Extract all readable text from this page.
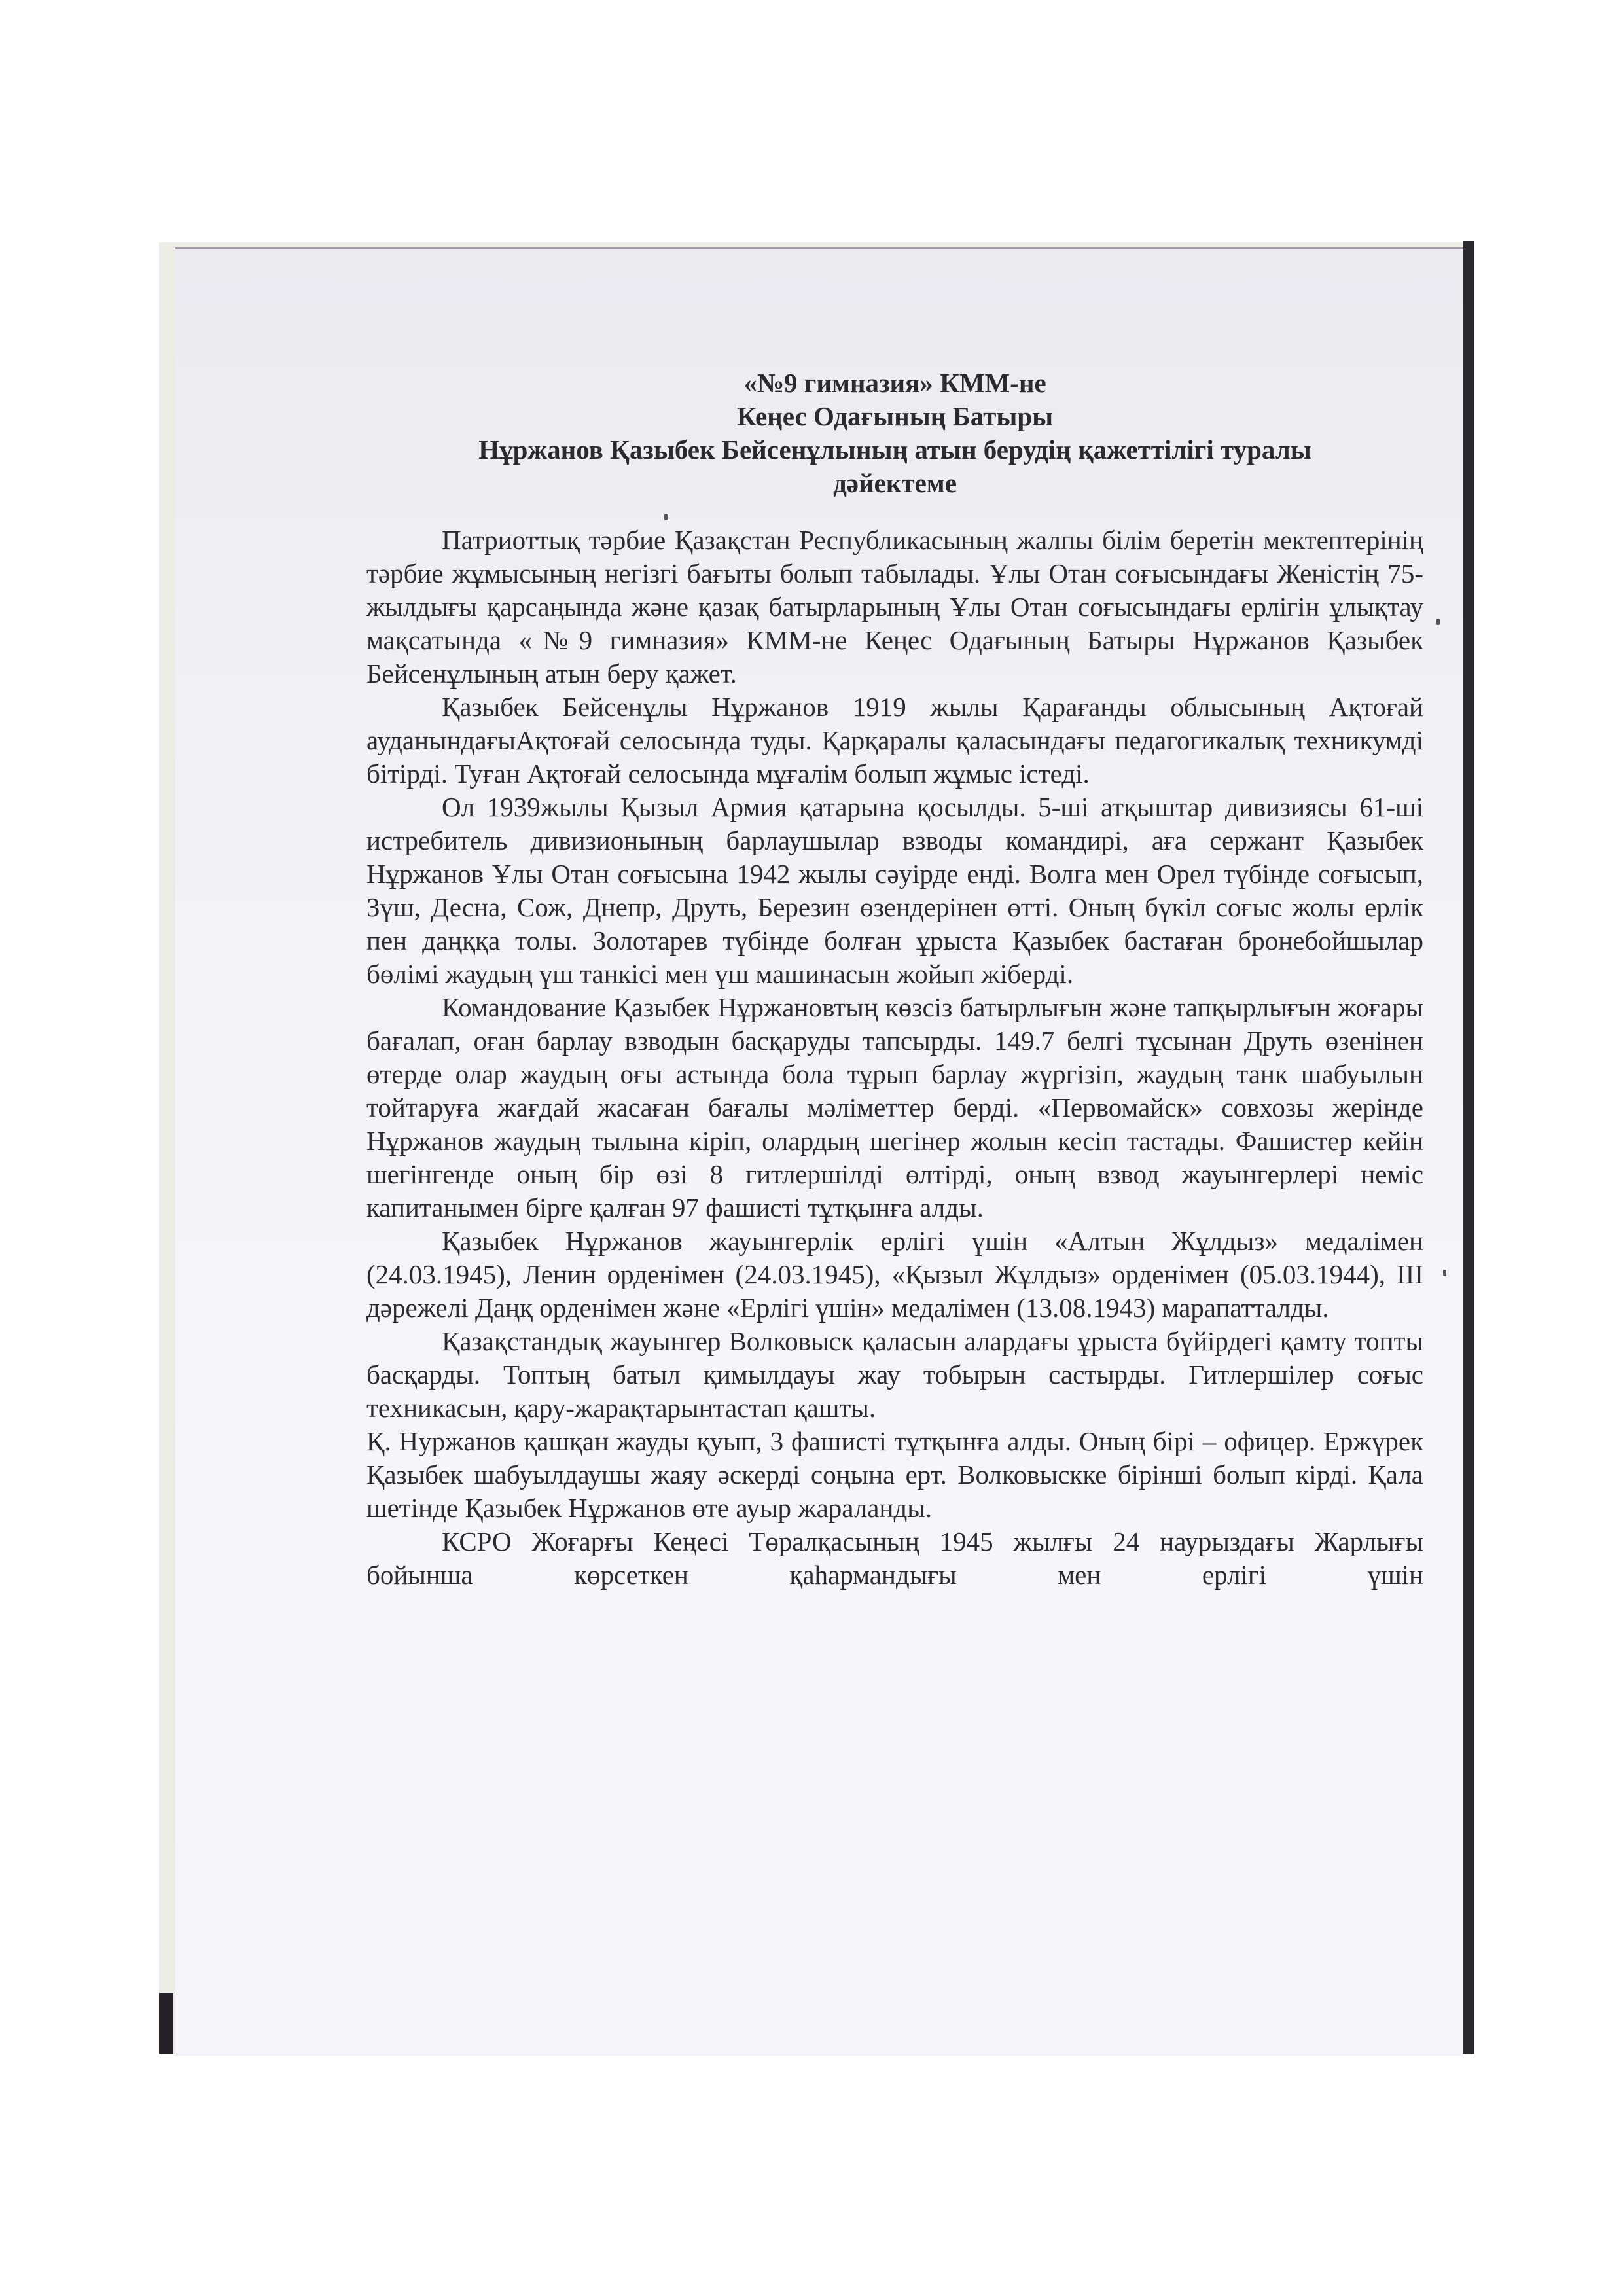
«№9 гимназия» КММ-не
Кеңес Одағының Батыры
Нұржанов Қазыбек Бейсенұлының атын берудің қажеттілігі туралы
дәйектеме

Патриоттық тәрбие Қазақстан Республикасының жалпы білім беретін мектептерінің тәрбие жұмысының негізгі бағыты болып табылады. Ұлы Отан соғысындағы Женістің 75-жылдығы қарсаңында және қазақ батырларының Ұлы Отан соғысындағы ерлігін ұлықтау мақсатында «№9 гимназия» КММ-не Кеңес Одағының Батыры Нұржанов Қазыбек Бейсенұлының атын беру қажет.

Қазыбек Бейсенұлы Нұржанов 1919 жылы Қарағанды облысының Ақтоғай ауданындағыАқтоғай селосында туды. Қарқаралы қаласындағы педагогикалық техникумді бітірді. Туған Ақтоғай селосында мұғалім болып жұмыс істеді.

Ол 1939жылы Қызыл Армия қатарына қосылды. 5-ші атқыштар дивизиясы 61-ші истребитель дивизионының барлаушылар взводы командирі, аға сержант Қазыбек Нұржанов Ұлы Отан соғысына 1942 жылы сәуірде енді. Волга мен Орел түбінде соғысып, Зүш, Десна, Сож, Днепр, Друть, Березин өзендерінен өтті. Оның бүкіл соғыс жолы ерлік пен даңққа толы. Золотарев түбінде болған ұрыста Қазыбек бастаған бронебойшылар бөлімі жаудың үш танкісі мен үш машинасын жойып жіберді.

Командование Қазыбек Нұржановтың көзсіз батырлығын және тапқырлығын жоғары бағалап, оған барлау взводын басқаруды тапсырды. 149.7 белгі тұсынан Друть өзенінен өтерде олар жаудың оғы астында бола тұрып барлау жүргізіп, жаудың танк шабуылын тойтаруға жағдай жасаған бағалы мәліметтер берді. «Первомайск» совхозы жерінде Нұржанов жаудың тылына кіріп, олардың шегінер жолын кесіп тастады. Фашистер кейін шегінгенде оның бір өзі 8 гитлершілді өлтірді, оның взвод жауынгерлері неміс капитанымен бірге қалған 97 фашисті тұтқынға алды.

Қазыбек Нұржанов жауынгерлік ерлігі үшін «Алтын Жұлдыз» медалімен (24.03.1945), Ленин орденімен (24.03.1945), «Қызыл Жұлдыз» орденімен (05.03.1944), ІІІ дәрежелі Даңқ орденімен және «Ерлігі үшін» медалімен (13.08.1943) марапатталды.

Қазақстандық жауынгер Волковыск қаласын алардағы ұрыста бүйірдегі қамту топты басқарды. Топтың батыл қимылдауы жау тобырын састырды. Гитлершілер соғыс техникасын, қару-жарақтарынтастап қашты.

Қ. Нуржанов қашқан жауды қуып, 3 фашисті тұтқынға алды. Оның бірі – офицер. Ержүрек Қазыбек шабуылдаушы жаяу әскерді соңына ерт. Волковыскке бірінші болып кірді. Қала шетінде Қазыбек Нұржанов өте ауыр жараланды.

КСРО Жоғарғы Кеңесі Төралқасының 1945 жылғы 24 наурыздағы Жарлығы бойынша көрсеткен қаһармандығы мен ерлігі үшін
